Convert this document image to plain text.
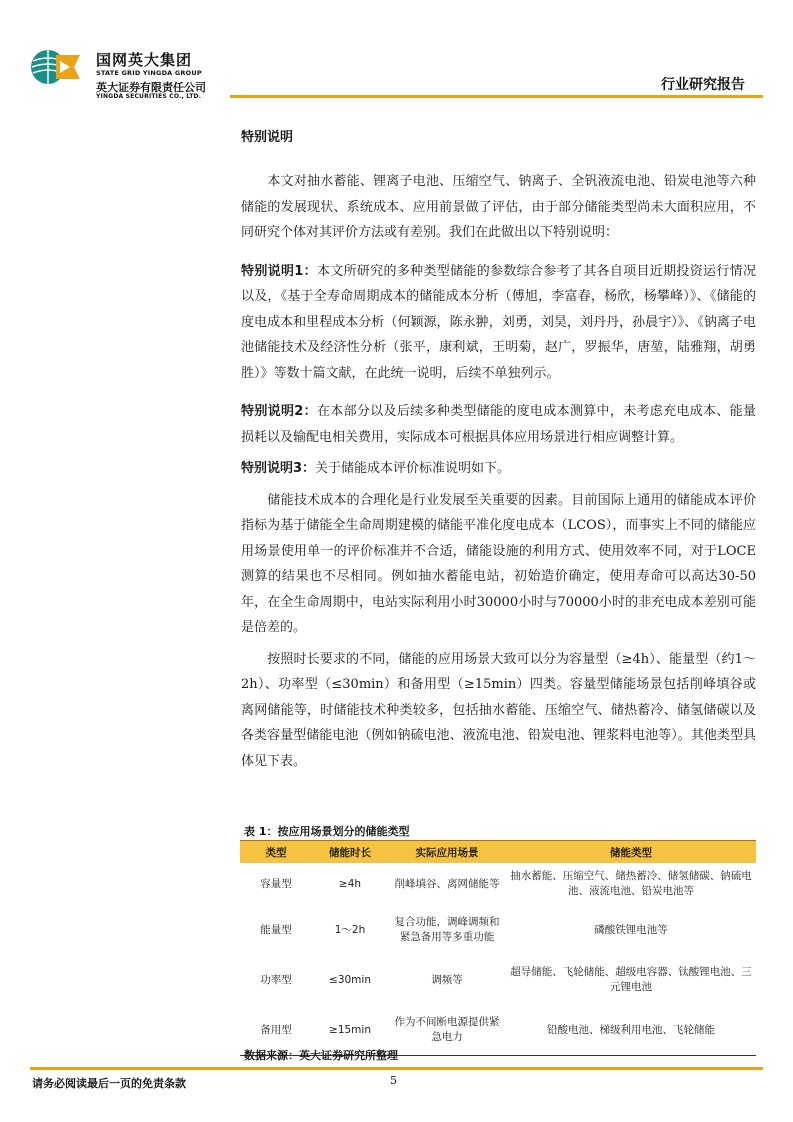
国网英大集团
STATE GRID YINGDA GROUP
英大证券有限责任公司
YINGDA SECURITIES CO., LTD.
行业研究报告
特别说明

　　本文对抽水蓄能、锂离子电池、压缩空气、钠离子、全钒液流电池、铅炭电池等六种储能的发展现状、系统成本、应用前景做了评估，由于部分储能类型尚未大面积应用，不同研究个体对其评价方法或有差别。我们在此做出以下特别说明：

特别说明1：本文所研究的多种类型储能的参数综合参考了其各自项目近期投资运行情况以及，《基于全寿命周期成本的储能成本分析（傅旭，李富春，杨欣，杨攀峰）》、《储能的度电成本和里程成本分析（何颖源，陈永翀，刘勇，刘昊，刘丹丹，孙晨宇）》、《钠离子电池储能技术及经济性分析（张平，康利斌，王明菊，赵广，罗振华，唐堃，陆雅翔，胡勇胜）》等数十篇文献，在此统一说明，后续不单独列示。

特别说明2：在本部分以及后续多种类型储能的度电成本测算中，未考虑充电成本、能量损耗以及输配电相关费用，实际成本可根据具体应用场景进行相应调整计算。

特别说明3：关于储能成本评价标准说明如下。

　　储能技术成本的合理化是行业发展至关重要的因素。目前国际上通用的储能成本评价指标为基于储能全生命周期建模的储能平准化度电成本（LCOS），而事实上不同的储能应用场景使用单一的评价标准并不合适，储能设施的利用方式、使用效率不同，对于LOCE测算的结果也不尽相同。例如抽水蓄能电站，初始造价确定，使用寿命可以高达30-50年，在全生命周期中，电站实际利用小时30000小时与70000小时的非充电成本差别可能是倍差的。

　　按照时长要求的不同，储能的应用场景大致可以分为容量型（≥4h）、能量型（约1～2h）、功率型（≤30min）和备用型（≥15min）四类。容量型储能场景包括削峰填谷或离网储能等，时储能技术种类较多，包括抽水蓄能、压缩空气、储热蓄冷、储氢储碳以及各类容量型储能电池（例如钠硫电池、液流电池、铅炭电池、锂浆料电池等）。其他类型具体见下表。

表 1：按应用场景划分的储能类型
类型	储能时长	实际应用场景	储能类型
容量型	≥4h	削峰填谷、离网储能等	抽水蓄能、压缩空气、储热蓄冷、储氢储碳、钠硫电池、液流电池、铅炭电池等
能量型	1～2h	复合功能，调峰调频和紧急备用等多重功能	磷酸铁锂电池等
功率型	≤30min	调频等	超导储能、飞轮储能、超级电容器、钛酸锂电池、三元锂电池
备用型	≥15min	作为不间断电源提供紧急电力	铅酸电池、梯级利用电池、飞轮储能
数据来源：英大证券研究所整理
请务必阅读最后一页的免责条款	5
